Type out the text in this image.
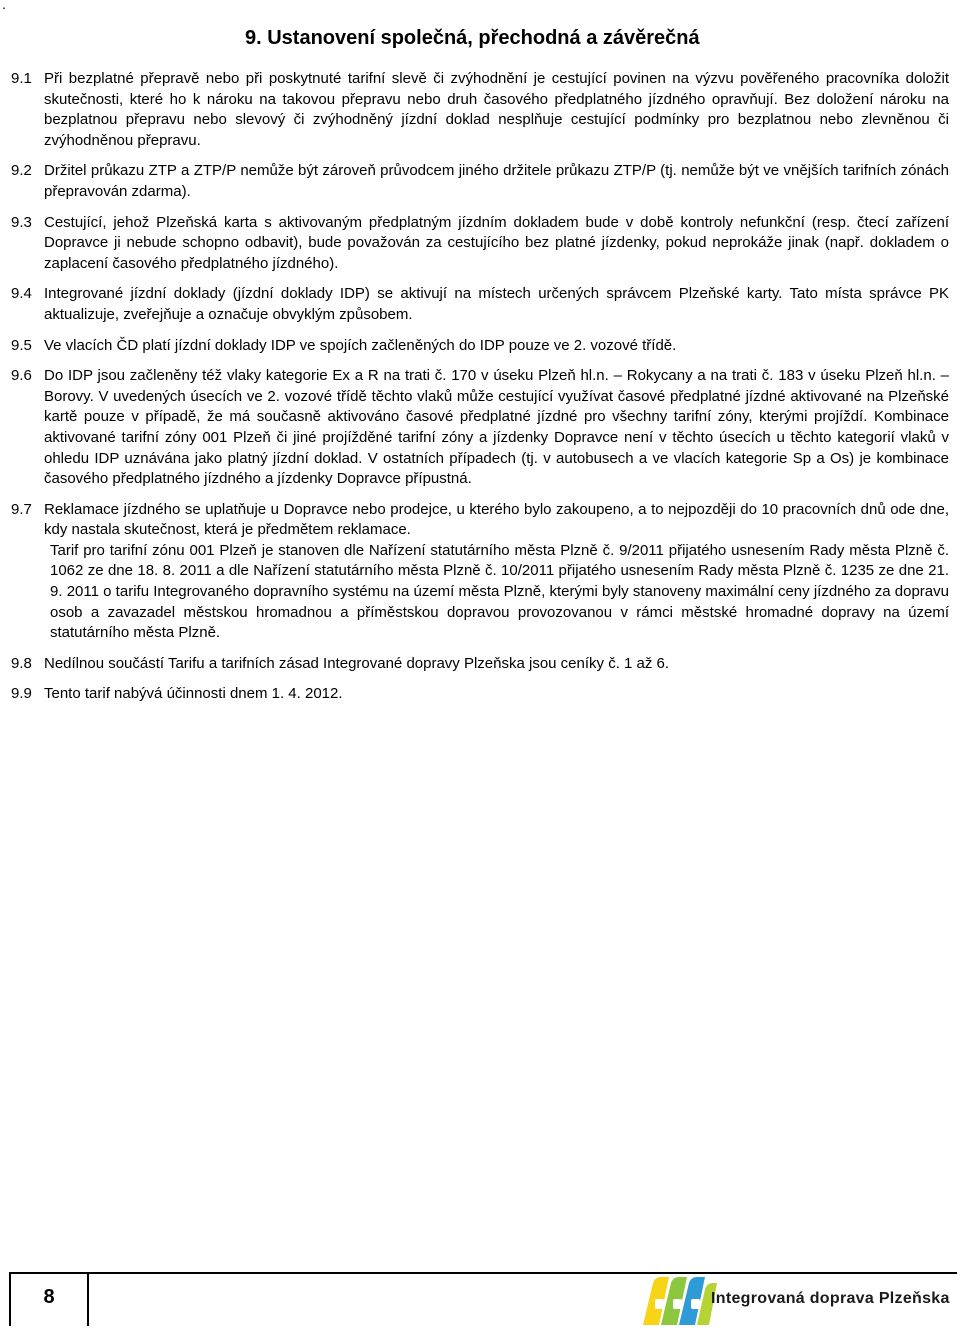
.
9. Ustanovení společná, přechodná a závěrečná
9.1 Při bezplatné přepravě nebo při poskytnuté tarifní slevě či zvýhodnění je cestující povinen na výzvu pověřeného pracovníka doložit skutečnosti, které ho k nároku na takovou přepravu nebo druh časového předplatného jízdného opravňují. Bez doložení nároku na bezplatnou přepravu nebo slevový či zvýhodněný jízdní doklad nesplňuje cestující podmínky pro bezplatnou nebo zlevněnou či zvýhodněnou přepravu.
9.2 Držitel průkazu ZTP a ZTP/P nemůže být zároveň průvodcem jiného držitele průkazu ZTP/P (tj. nemůže být ve vnějších tarifních zónách přepravován zdarma).
9.3 Cestující, jehož Plzeňská karta s aktivovaným předplatným jízdním dokladem bude v době kontroly nefunkční (resp. čtecí zařízení Dopravce ji nebude schopno odbavit), bude považován za cestujícího bez platné jízdenky, pokud neprokáže jinak (např. dokladem o zaplacení časového předplatného jízdného).
9.4 Integrované jízdní doklady (jízdní doklady IDP) se aktivují na místech určených správcem Plzeňské karty. Tato místa správce PK aktualizuje, zveřejňuje a označuje obvyklým způsobem.
9.5 Ve vlacích ČD platí jízdní doklady IDP ve spojích začleněných do IDP pouze ve 2. vozové třídě.
9.6 Do IDP jsou začleněny též vlaky kategorie Ex a R na trati č. 170 v úseku Plzeň hl.n. – Rokycany a na trati č. 183 v úseku Plzeň hl.n. – Borovy. V uvedených úsecích ve 2. vozové třídě těchto vlaků může cestující využívat časové předplatné jízdné aktivované na Plzeňské kartě pouze v případě, že má současně aktivováno časové předplatné jízdné pro všechny tarifní zóny, kterými projíždí. Kombinace aktivované tarifní zóny 001 Plzeň či jiné projížděné tarifní zóny a jízdenky Dopravce není v těchto úsecích u těchto kategorií vlaků v ohledu IDP uznávána jako platný jízdní doklad. V ostatních případech (tj. v autobusech a ve vlacích kategorie Sp a Os) je kombinace časového předplatného jízdného a jízdenky Dopravce přípustná.
9.7 Reklamace jízdného se uplatňuje u Dopravce nebo prodejce, u kterého bylo zakoupeno, a to nejpozději do 10 pracovních dnů ode dne, kdy nastala skutečnost, která je předmětem reklamace.
Tarif pro tarifní zónu 001 Plzeň je stanoven dle Nařízení statutárního města Plzně č. 9/2011 přijatého usnesením Rady města Plzně č. 1062 ze dne 18. 8. 2011 a dle Nařízení statutárního města Plzně č. 10/2011 přijatého usnesením Rady města Plzně č. 1235 ze dne 21. 9. 2011 o tarifu Integrovaného dopravního systému na území města Plzně, kterými byly stanoveny maximální ceny jízdného za dopravu osob a zavazadel městskou hromadnou a příměstskou dopravou provozovanou v rámci městské hromadné dopravy na území statutárního města Plzně.
9.8 Nedílnou součástí Tarifu a tarifních zásad Integrované dopravy Plzeňska jsou ceníky č. 1 až 6.
9.9 Tento tarif nabývá účinnosti dnem 1. 4. 2012.
8	Integrovaná doprava Plzeňska
